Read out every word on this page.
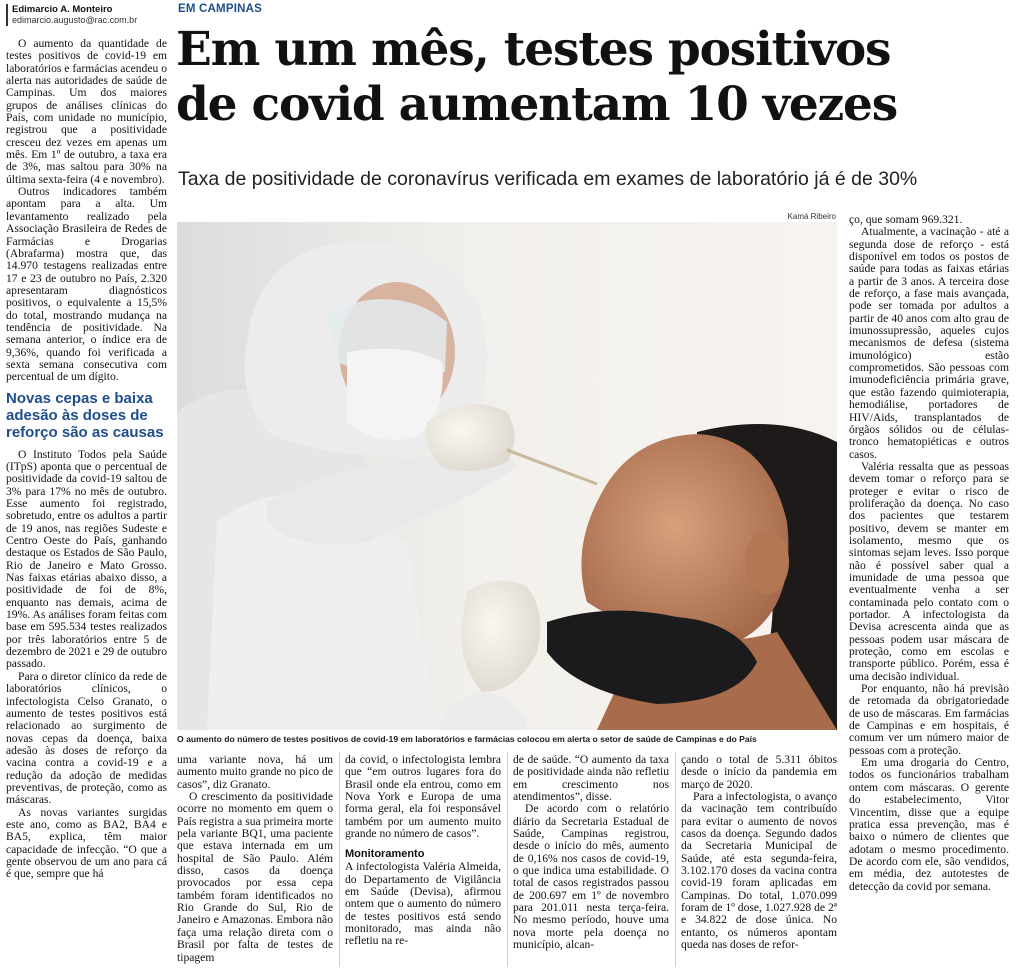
Edimarcio A. Monteiro
edimarcio.augusto@rac.com.br

O aumento da quantidade de testes positivos de covid-19 em laboratórios e farmácias acendeu o alerta nas autoridades de saúde de Campinas. Um dos maiores grupos de análises clínicas do País, com unidade no município, registrou que a positividade cresceu dez vezes em apenas um mês. Em 1º de outubro, a taxa era de 3%, mas saltou para 30% na última sexta-feira (4 e novembro).

Outros indicadores também apontam para a alta. Um levantamento realizado pela Associação Brasileira de Redes de Farmácias e Drogarias (Abrafarma) mostra que, das 14.970 testagens realizadas entre 17 e 23 de outubro no País, 2.320 apresentaram diagnósticos positivos, o equivalente a 15,5% do total, mostrando mudança na tendência de positividade. Na semana anterior, o índice era de 9,36%, quando foi verificada a sexta semana consecutiva com percentual de um dígito.

Novas cepas e baixa adesão às doses de reforço são as causas

O Instituto Todos pela Saúde (ITpS) aponta que o percentual de positividade da covid-19 saltou de 3% para 17% no mês de outubro. Esse aumento foi registrado, sobretudo, entre os adultos a partir de 19 anos, nas regiões Sudeste e Centro Oeste do País, ganhando destaque os Estados de São Paulo, Rio de Janeiro e Mato Grosso. Nas faixas etárias abaixo disso, a positividade de foi de 8%, enquanto nas demais, acima de 19%. As análises foram feitas com base em 595.534 testes realizados por três laboratórios entre 5 de dezembro de 2021 e 29 de outubro passado.

Para o diretor clínico da rede de laboratórios clínicos, o infectologista Celso Granato, o aumento de testes positivos está relacionado ao surgimento de novas cepas da doença, baixa adesão às doses de reforço da vacina contra a covid-19 e a redução da adoção de medidas preventivas, de proteção, como as máscaras.

As novas variantes surgidas este ano, como as BA2, BA4 e BA5, explica, têm maior capacidade de infecção. “O que a gente observou de um ano para cá é que, sempre que há

EM CAMPINAS
Em um mês, testes positivos
de covid aumentam 10 vezes
Taxa de positividade de coronavírus verificada em exames de laboratório já é de 30%
Kamá Ribeiro
O aumento do número de testes positivos de covid-19 em laboratórios e farmácias colocou em alerta o setor de saúde de Campinas e do País

uma variante nova, há um aumento muito grande no pico de casos”, diz Granato.

O crescimento da positividade ocorre no momento em quem o País registra a sua primeira morte pela variante BQ1, uma paciente que estava internada em um hospital de São Paulo. Além disso, casos da doença provocados por essa cepa também foram identificados no Rio Grande do Sul, Rio de Janeiro e Amazonas. Embora não faça uma relação direta com o Brasil por falta de testes de tipagem

da covid, o infectologista lembra que “em outros lugares fora do Brasil onde ela entrou, como em Nova York e Europa de uma forma geral, ela foi responsável também por um aumento muito grande no número de casos”.

Monitoramento

A infectologista Valéria Almeida, do Departamento de Vigilância em Saúde (Devisa), afirmou ontem que o aumento do número de testes positivos está sendo monitorado, mas ainda não refletiu na re-

de de saúde. “O aumento da taxa de positividade ainda não refletiu em crescimento nos atendimentos”, disse.

De acordo com o relatório diário da Secretaria Estadual de Saúde, Campinas registrou, desde o início do mês, aumento de 0,16% nos casos de covid-19, o que indica uma estabilidade. O total de casos registrados passou de 200.697 em 1º de novembro para 201.011 nesta terça-feira. No mesmo período, houve uma nova morte pela doença no município, alcan-

çando o total de 5.311 óbitos desde o início da pandemia em março de 2020.

Para a infectologista, o avanço da vacinação tem contribuído para evitar o aumento de novos casos da doença. Segundo dados da Secretaria Municipal de Saúde, até esta segunda-feira, 3.102.170 doses da vacina contra covid-19 foram aplicadas em Campinas. Do total, 1.070.099 foram de 1º dose, 1.027.928 de 2ª e 34.822 de dose única. No entanto, os números apontam queda nas doses de refor-

ço, que somam 969.321.

Atualmente, a vacinação - até a segunda dose de reforço - está disponível em todos os postos de saúde para todas as faixas etárias a partir de 3 anos. A terceira dose de reforço, a fase mais avançada, pode ser tomada por adultos a partir de 40 anos com alto grau de imunossupressão, aqueles cujos mecanismos de defesa (sistema imunológico) estão comprometidos. São pessoas com imunodeficiência primária grave, que estão fazendo quimioterapia, hemodiálise, portadores de HIV/Aids, transplantados de órgãos sólidos ou de células-tronco hematopiéticas e outros casos.

Valéria ressalta que as pessoas devem tomar o reforço para se proteger e evitar o risco de proliferação da doença. No caso dos pacientes que testarem positivo, devem se manter em isolamento, mesmo que os sintomas sejam leves. Isso porque não é possível saber qual a imunidade de uma pessoa que eventualmente venha a ser contaminada pelo contato com o portador. A infectologista da Devisa acrescenta ainda que as pessoas podem usar máscara de proteção, como em escolas e transporte público. Porém, essa é uma decisão individual.

Por enquanto, não há previsão de retomada da obrigatoriedade de uso de máscaras. Em farmácias de Campinas e em hospitais, é comum ver um número maior de pessoas com a proteção.

Em uma drogaria do Centro, todos os funcionários trabalham ontem com máscaras. O gerente do estabelecimento, Vitor Vincentim, disse que a equipe pratica essa prevenção, mas é baixo o número de clientes que adotam o mesmo procedimento. De acordo com ele, são vendidos, em média, dez autotestes de detecção da covid por semana.
